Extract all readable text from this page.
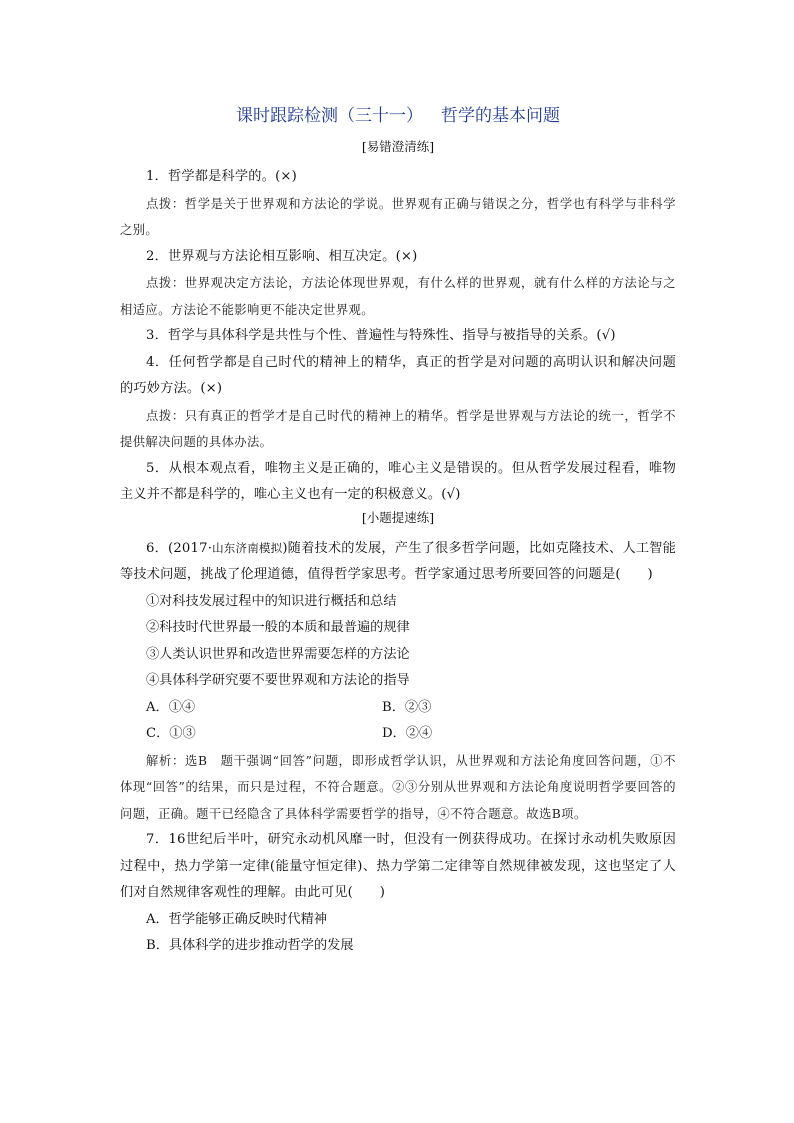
课时跟踪检测（三十一） 哲学的基本问题
[易错澄清练]

1．哲学都是科学的。(×)

点拨：哲学是关于世界观和方法论的学说。世界观有正确与错误之分，哲学也有科学与非科学之别。

2．世界观与方法论相互影响、相互决定。(×)

点拨：世界观决定方法论，方法论体现世界观，有什么样的世界观，就有什么样的方法论与之相适应。方法论不能影响更不能决定世界观。

3．哲学与具体科学是共性与个性、普遍性与特殊性、指导与被指导的关系。(√)

4．任何哲学都是自己时代的精神上的精华，真正的哲学是对问题的高明认识和解决问题的巧妙方法。(×)

点拨：只有真正的哲学才是自己时代的精神上的精华。哲学是世界观与方法论的统一，哲学不提供解决问题的具体办法。

5．从根本观点看，唯物主义是正确的，唯心主义是错误的。但从哲学发展过程看，唯物主义并不都是科学的，唯心主义也有一定的积极意义。(√)

[小题提速练]

6．(2017·山东济南模拟)随着技术的发展，产生了很多哲学问题，比如克隆技术、人工智能等技术问题，挑战了伦理道德，值得哲学家思考。哲学家通过思考所要回答的问题是(　　)

①对科技发展过程中的知识进行概括和总结

②科技时代世界最一般的本质和最普遍的规律

③人类认识世界和改造世界需要怎样的方法论

④具体科学研究要不要世界观和方法论的指导

A．①④	B．②③
C．①③	D．②④

解析：选B　题干强调“回答”问题，即形成哲学认识，从世界观和方法论角度回答问题，①不体现“回答”的结果，而只是过程，不符合题意。②③分别从世界观和方法论角度说明哲学要回答的问题，正确。题干已经隐含了具体科学需要哲学的指导，④不符合题意。故选B项。

7．16世纪后半叶，研究永动机风靡一时，但没有一例获得成功。在探讨永动机失败原因过程中，热力学第一定律(能量守恒定律)、热力学第二定律等自然规律被发现，这也坚定了人们对自然规律客观性的理解。由此可见(　　)

A．哲学能够正确反映时代精神

B．具体科学的进步推动哲学的发展
